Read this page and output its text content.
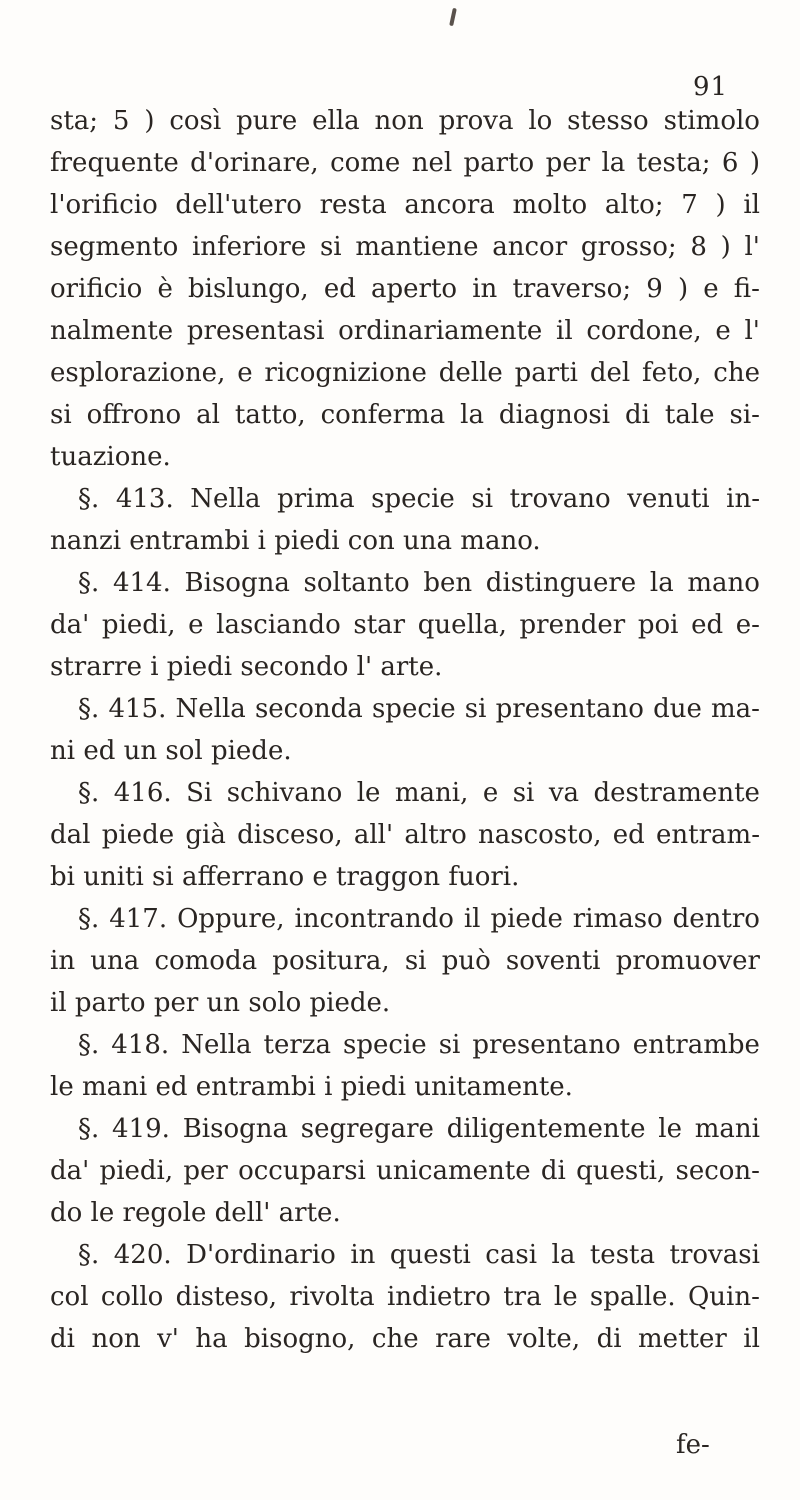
91
sta; 5 ) così pure ella non prova lo stesso stimolo
frequente d'orinare, come nel parto per la testa; 6 )
l'orificio dell'utero resta ancora molto alto; 7 ) il
segmento inferiore si mantiene ancor grosso; 8 ) l'
orificio è bislungo, ed aperto in traverso; 9 ) e fi-
nalmente presentasi ordinariamente il cordone, e l'
esplorazione, e ricognizione delle parti del feto, che
si offrono al tatto, conferma la diagnosi di tale si-
tuazione.
§. 413. Nella prima specie si trovano venuti in-
nanzi entrambi i piedi con una mano.
§. 414. Bisogna soltanto ben distinguere la mano
da' piedi, e lasciando star quella, prender poi ed e-
strarre i piedi secondo l' arte.
§. 415. Nella seconda specie si presentano due ma-
ni ed un sol piede.
§. 416. Si schivano le mani, e si va destramente
dal piede già disceso, all' altro nascosto, ed entram-
bi uniti si afferrano e traggon fuori.
§. 417. Oppure, incontrando il piede rimaso dentro
in una comoda positura, si può soventi promuover
il parto per un solo piede.
§. 418. Nella terza specie si presentano entrambe
le mani ed entrambi i piedi unitamente.
§. 419. Bisogna segregare diligentemente le mani
da' piedi, per occuparsi unicamente di questi, secon-
do le regole dell' arte.
§. 420. D'ordinario in questi casi la testa trovasi
col collo disteso, rivolta indietro tra le spalle. Quin-
di non v' ha bisogno, che rare volte, di metter il
fe-
